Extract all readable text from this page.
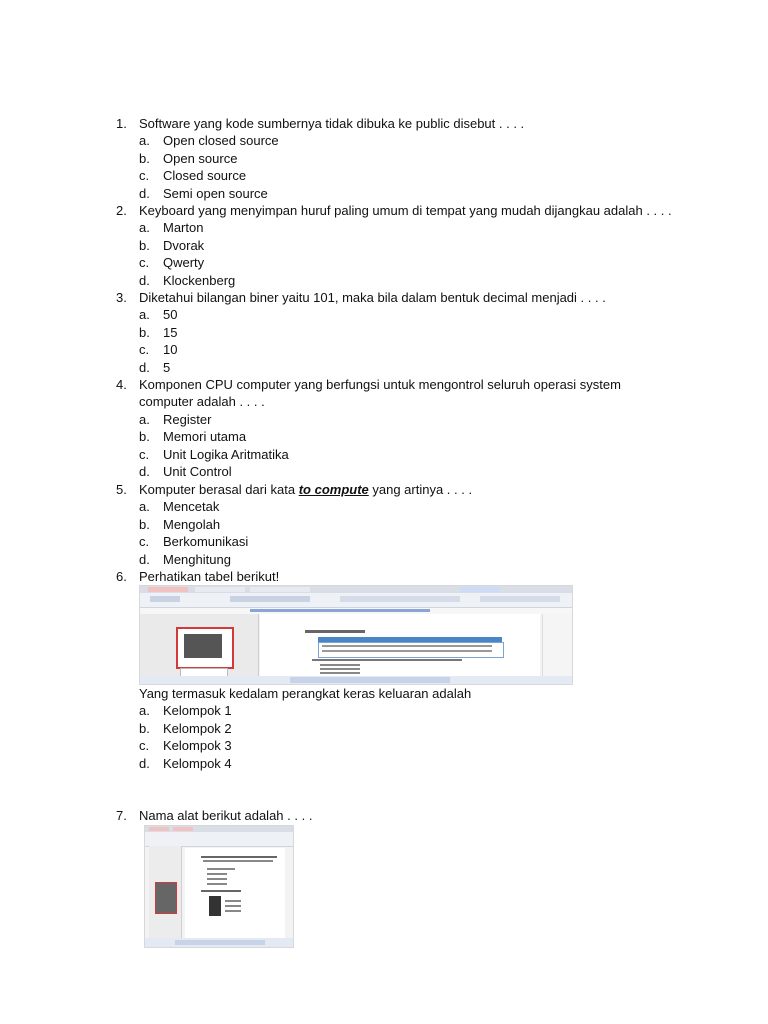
1. Software yang kode sumbernya tidak dibuka ke public disebut . . . .
a.	Open closed source
b.	Open source
c.	Closed source
d.	Semi open source
2. Keyboard yang menyimpan huruf paling umum di tempat yang mudah dijangkau adalah . . . .
a.	Marton
b.	Dvorak
c.	Qwerty
d.	Klockenberg
3. Diketahui bilangan biner yaitu 101, maka bila dalam bentuk decimal menjadi . . . .
a.	50
b.	15
c.	10
d.	5
4. Komponen CPU computer yang berfungsi untuk mengontrol seluruh operasi system computer adalah . . . .
a.	Register
b.	Memori utama
c.	Unit Logika Aritmatika
d.	Unit Control
5. Komputer berasal dari kata to compute yang artinya . . . .
a.	Mencetak
b.	Mengolah
c.	Berkomunikasi
d.	Menghitung
6. Perhatikan tabel berikut!
Yang termasuk kedalam perangkat keras keluaran adalah
a.	Kelompok 1
b.	Kelompok 2
c.	Kelompok 3
d.	Kelompok 4
7. Nama alat berikut adalah . . . .
